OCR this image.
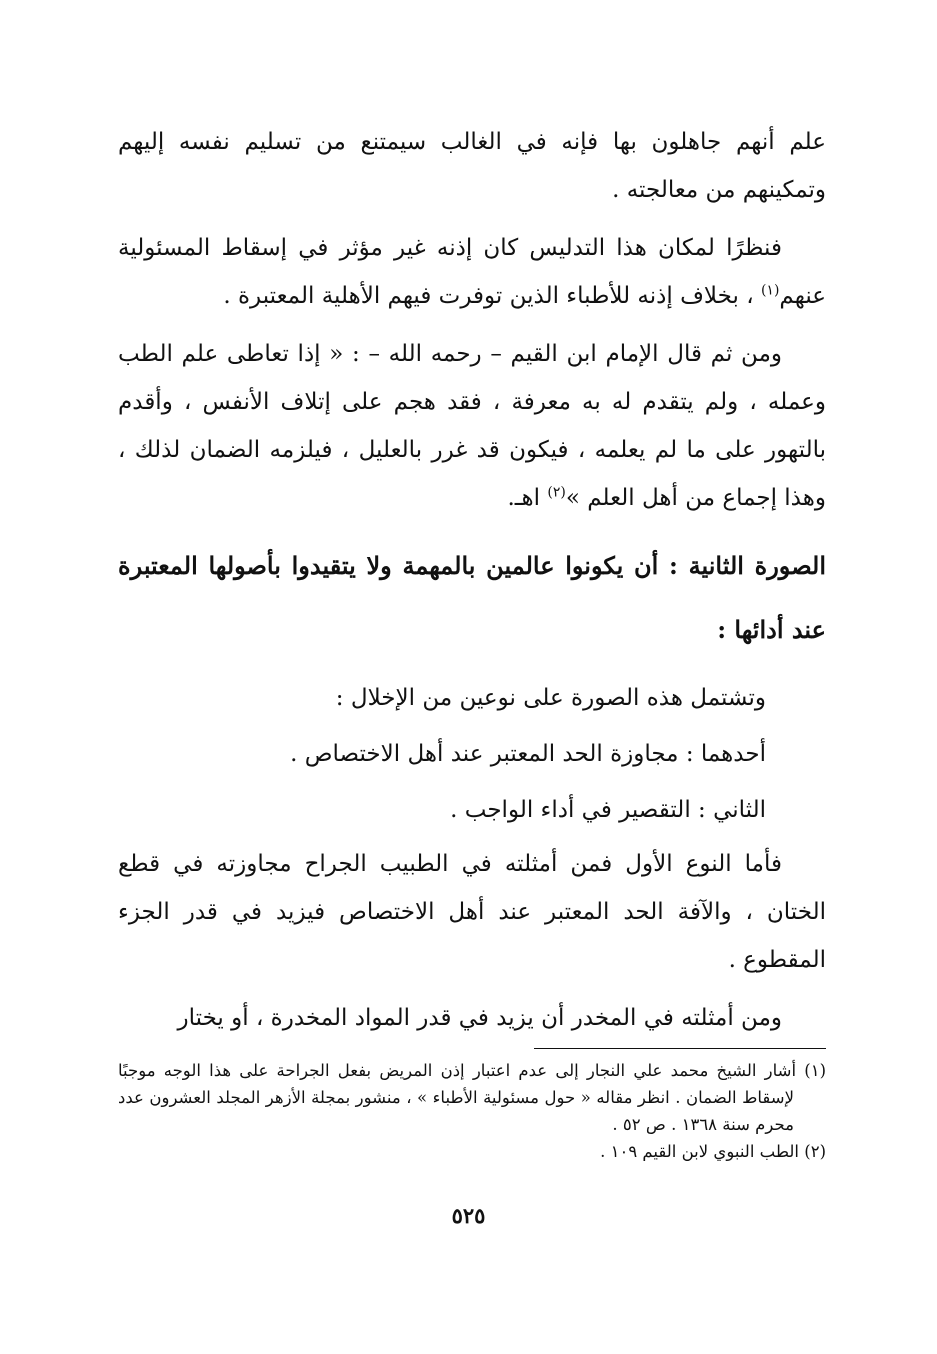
علم أنهم جاهلون بها فإنه في الغالب سيمتنع من تسليم نفسه إليهم وتمكينهم من معالجته .

فنظرًا لمكان هذا التدليس كان إذنه غير مؤثر في إسقاط المسئولية عنهم$^{(١)}$ ، بخلاف إذنه للأطباء الذين توفرت فيهم الأهلية المعتبرة .

ومن ثم قال الإمام ابن القيم – رحمه الله – : « إذا تعاطى علم الطب وعمله ، ولم يتقدم له به معرفة ، فقد هجم على إتلاف الأنفس ، وأقدم بالتهور على ما لم يعلمه ، فيكون قد غرر بالعليل ، فيلزمه الضمان لذلك ، وهذا إجماع من أهل العلم »$^{(٢)}$ اهـ.

الصورة الثانية : أن يكونوا عالمين بالمهمة ولا يتقيدوا بأصولها المعتبرة عند أدائها :

وتشتمل هذه الصورة على نوعين من الإخلال :

أحدهما : مجاوزة الحد المعتبر عند أهل الاختصاص .

الثاني : التقصير في أداء الواجب .

فأما النوع الأول فمن أمثلته في الطبيب الجراح مجاوزته في قطع الختان ، والآفة الحد المعتبر عند أهل الاختصاص فيزيد في قدر الجزء المقطوع .

ومن أمثلته في المخدر أن يزيد في قدر المواد المخدرة ، أو يختار

(١) أشار الشيخ محمد علي النجار إلى عدم اعتبار إذن المريض بفعل الجراحة على هذا الوجه موجبًا لإسقاط الضمان . انظر مقاله « حول مسئولية الأطباء » ، منشور بمجلة الأزهر المجلد العشرون عدد محرم سنة ١٣٦٨ . ص ٥٢ .

(٢) الطب النبوي لابن القيم ١٠٩ .

٥٢٥
